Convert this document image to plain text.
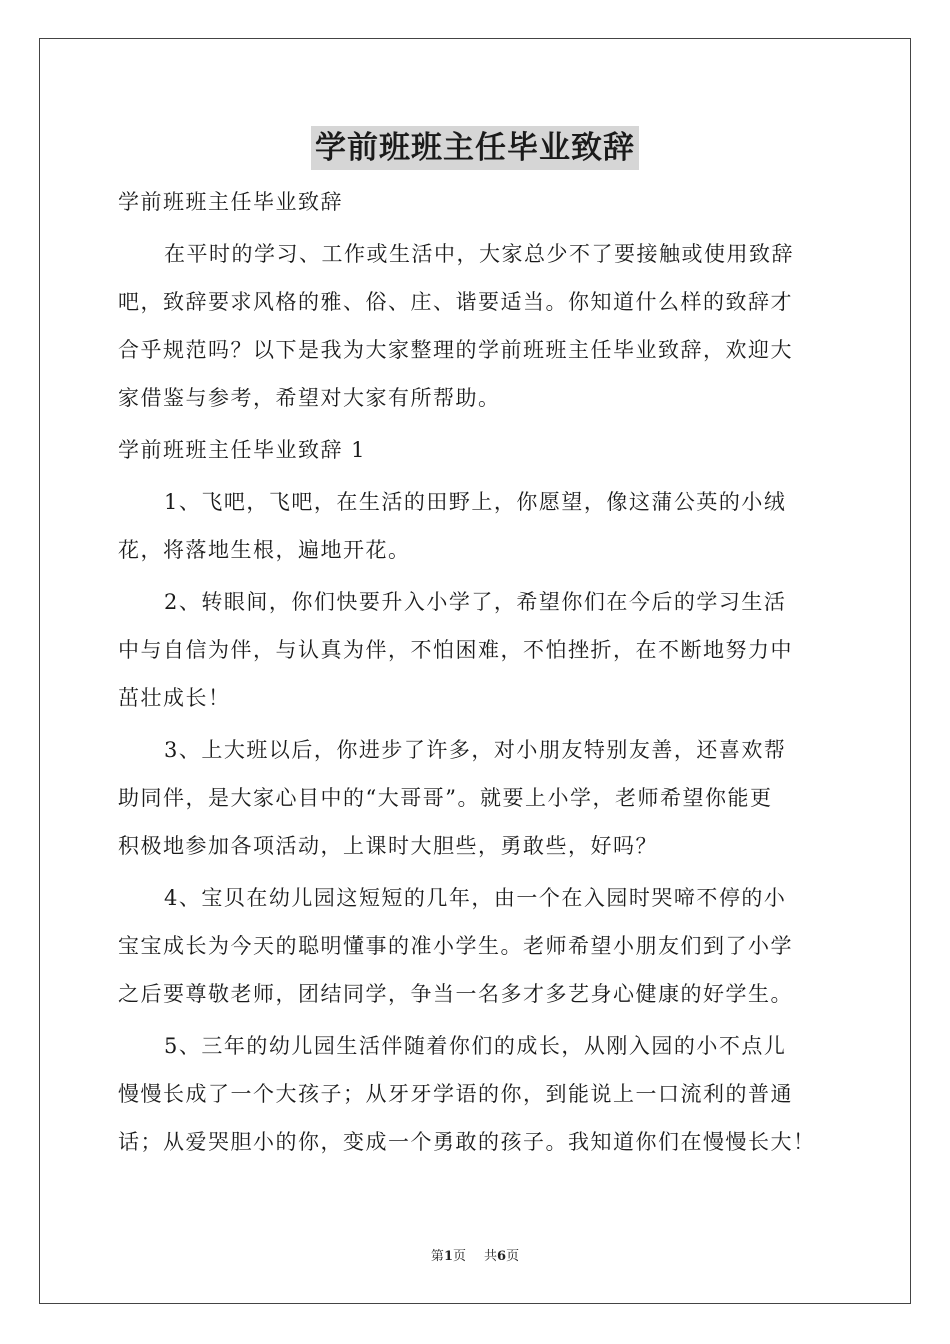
学前班班主任毕业致辞
学前班班主任毕业致辞
在平时的学习、工作或生活中，大家总少不了要接触或使用致辞
吧，致辞要求风格的雅、俗、庄、谐要适当。你知道什么样的致辞才
合乎规范吗？以下是我为大家整理的学前班班主任毕业致辞，欢迎大
家借鉴与参考，希望对大家有所帮助。
学前班班主任毕业致辞 1
1、飞吧，飞吧，在生活的田野上，你愿望，像这蒲公英的小绒
花，将落地生根，遍地开花。
2、转眼间，你们快要升入小学了，希望你们在今后的学习生活
中与自信为伴，与认真为伴，不怕困难，不怕挫折，在不断地努力中
茁壮成长！
3、上大班以后，你进步了许多，对小朋友特别友善，还喜欢帮
助同伴，是大家心目中的“大哥哥”。就要上小学，老师希望你能更
积极地参加各项活动，上课时大胆些，勇敢些，好吗？
4、宝贝在幼儿园这短短的几年，由一个在入园时哭啼不停的小
宝宝成长为今天的聪明懂事的准小学生。老师希望小朋友们到了小学
之后要尊敬老师，团结同学，争当一名多才多艺身心健康的好学生。
5、三年的幼儿园生活伴随着你们的成长，从刚入园的小不点儿
慢慢长成了一个大孩子；从牙牙学语的你，到能说上一口流利的普通
话；从爱哭胆小的你，变成一个勇敢的孩子。我知道你们在慢慢长大！
第1页 共6页
